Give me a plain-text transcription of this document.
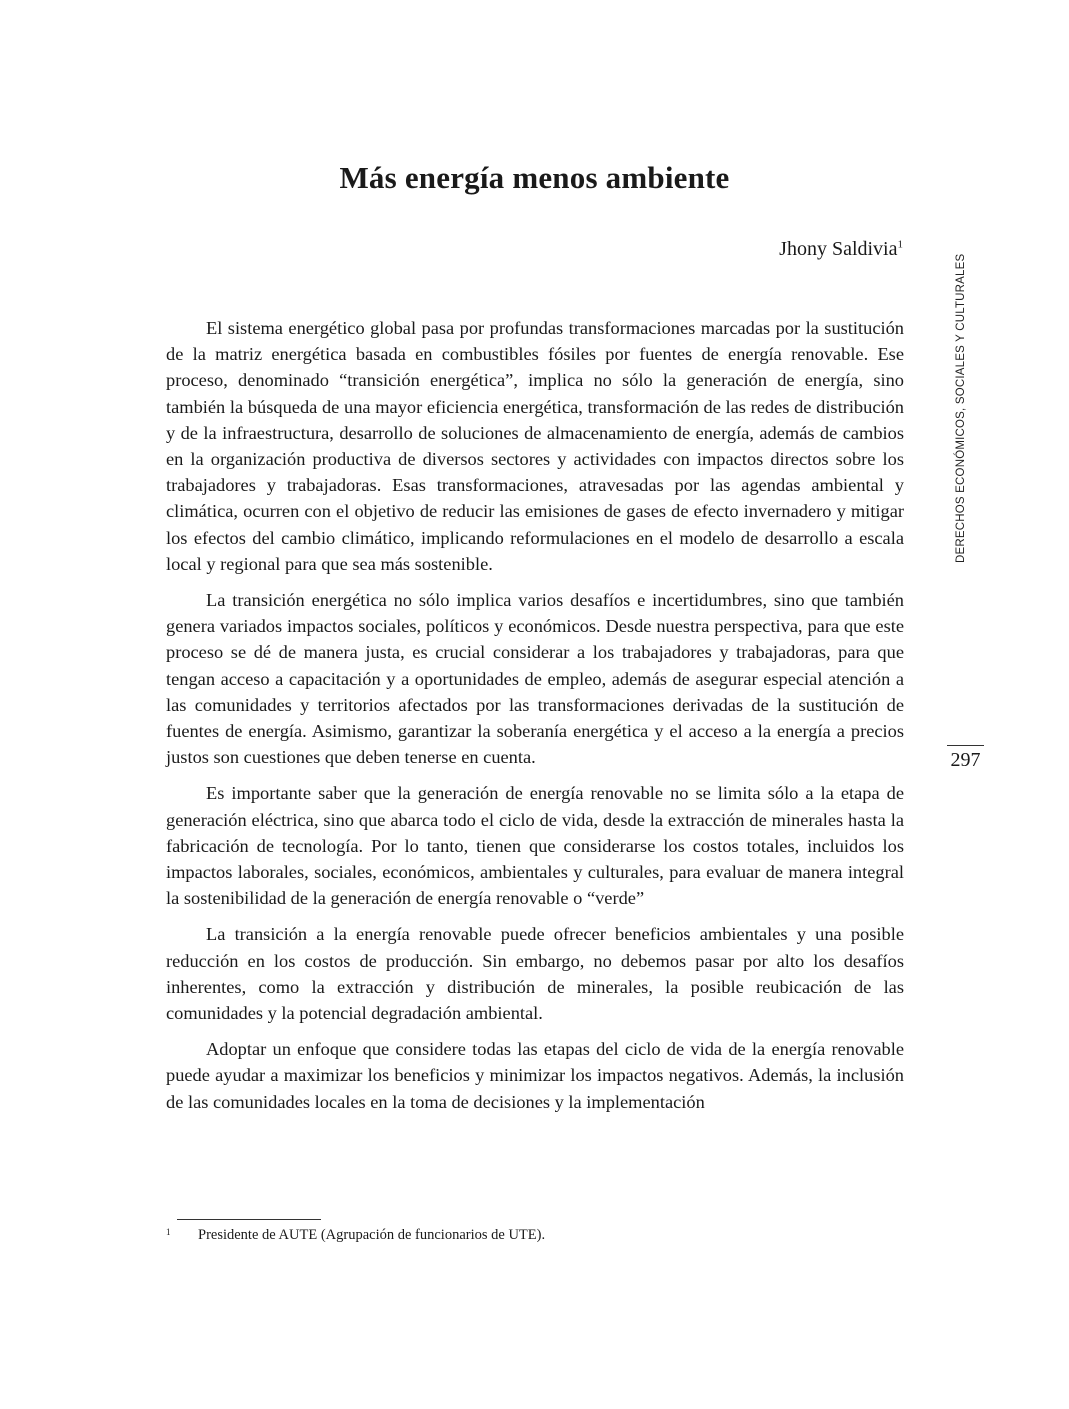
Más energía menos ambiente
Jhony Saldivia$^1$

El sistema energético global pasa por profundas transformaciones marcadas por la sustitución de la matriz energética basada en combustibles fósiles por fuentes de energía renovable. Ese proceso, denominado “transición energética”, implica no sólo la generación de energía, sino también la búsqueda de una mayor eficiencia energética, transformación de las redes de distribución y de la infraestructura, desarrollo de soluciones de almacenamiento de energía, además de cambios en la organización productiva de diversos sectores y actividades con impactos directos sobre los trabajadores y trabajadoras. Esas transformaciones, atravesadas por las agendas ambiental y climática, ocurren con el objetivo de reducir las emisiones de gases de efecto invernadero y mitigar los efectos del cambio climático, implicando reformulaciones en el modelo de desarrollo a escala local y regional para que sea más sostenible.

La transición energética no sólo implica varios desafíos e incertidumbres, sino que también genera variados impactos sociales, políticos y económicos. Desde nuestra perspectiva, para que este proceso se dé de manera justa, es crucial considerar a los trabajadores y trabajadoras, para que tengan acceso a capacitación y a oportunidades de empleo, además de asegurar especial atención a las comunidades y territorios afectados por las transformaciones derivadas de la sustitución de fuentes de energía. Asimismo, garantizar la soberanía energética y el acceso a la energía a precios justos son cuestiones que deben tenerse en cuenta.

Es importante saber que la generación de energía renovable no se limita sólo a la etapa de generación eléctrica, sino que abarca todo el ciclo de vida, desde la extracción de minerales hasta la fabricación de tecnología. Por lo tanto, tienen que considerarse los costos totales, incluidos los impactos laborales, sociales, económicos, ambientales y culturales, para evaluar de manera integral la sostenibilidad de la generación de energía renovable o “verde”

La transición a la energía renovable puede ofrecer beneficios ambientales y una posible reducción en los costos de producción. Sin embargo, no debemos pasar por alto los desafíos inherentes, como la extracción y distribución de minerales, la posible reubicación de las comunidades y la potencial degradación ambiental.

Adoptar un enfoque que considere todas las etapas del ciclo de vida de la energía renovable puede ayudar a maximizar los beneficios y minimizar los impactos negativos. Además, la inclusión de las comunidades locales en la toma de decisiones y la implementación

DERECHOS ECONÓMICOS, SOCIALES Y CULTURALES
297
1 Presidente de AUTE (Agrupación de funcionarios de UTE).
